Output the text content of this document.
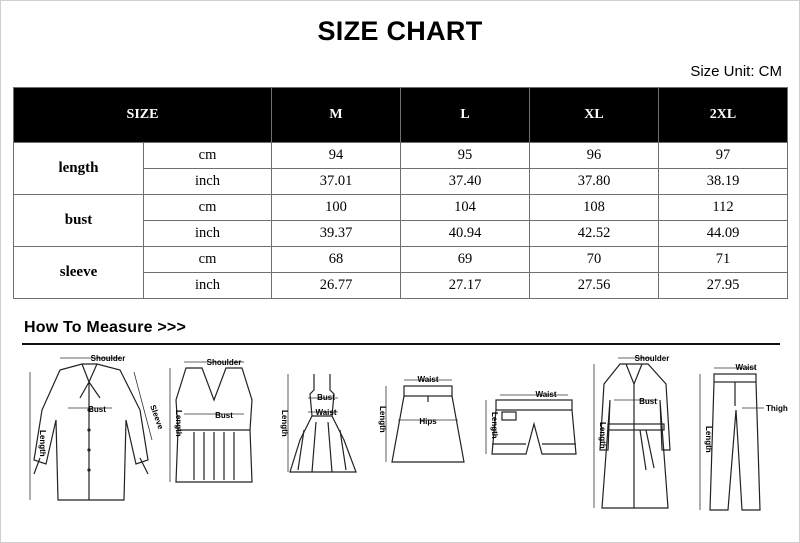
SIZE CHART
Size Unit: CM
SIZE		M	L	XL	2XL
length	cm	94	95	96	97
	inch	37.01	37.40	37.80	38.19
bust	cm	100	104	108	112
	inch	39.37	40.94	42.52	44.09
sleeve	cm	68	69	70	71
	inch	26.77	27.17	27.56	27.95
How To Measure >>>
Shoulder
Bust
Length
Sleeve
Shoulder
Bust
Length
Bust
Waist
Length
Waist
Hips
Length
Waist
Length
Shoulder
Bust
Length
Waist
Thigh
Length
